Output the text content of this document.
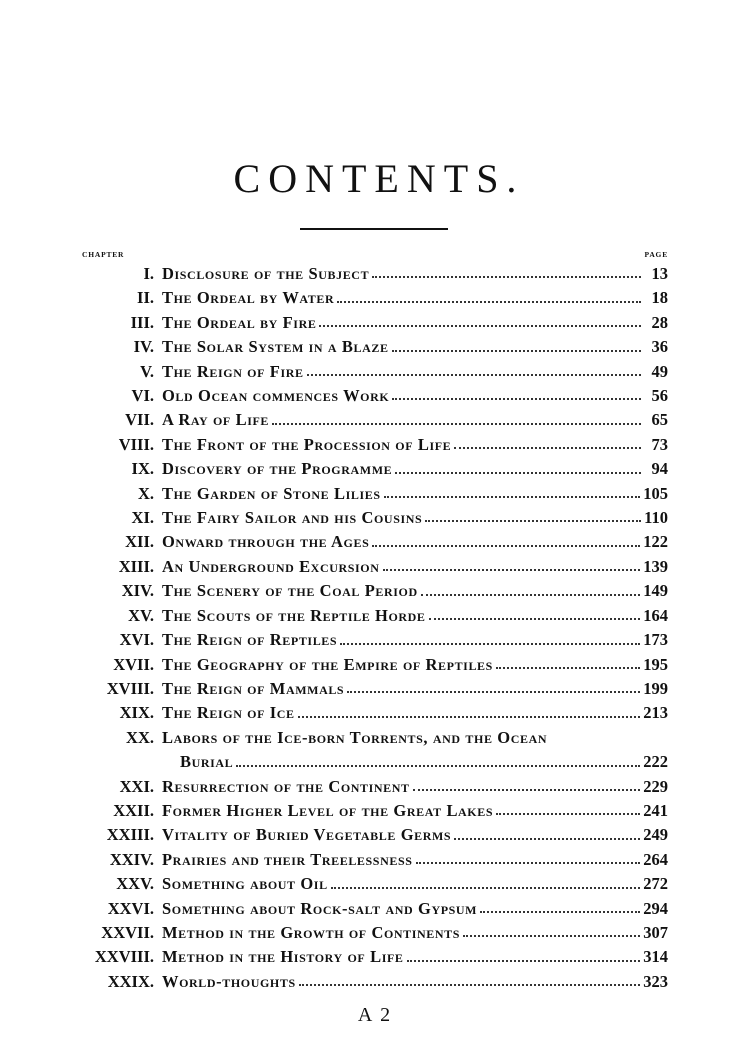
CONTENTS.
CHAPTER	PAGE
I. Disclosure of the Subject	13
II. The Ordeal by Water	18
III. The Ordeal by Fire	28
IV. The Solar System in a Blaze	36
V. The Reign of Fire	49
VI. Old Ocean commences Work	56
VII. A Ray of Life	65
VIII. The Front of the Procession of Life	73
IX. Discovery of the Programme	94
X. The Garden of Stone Lilies	105
XI. The Fairy Sailor and his Cousins	110
XII. Onward through the Ages	122
XIII. An Underground Excursion	139
XIV. The Scenery of the Coal Period	149
XV. The Scouts of the Reptile Horde	164
XVI. The Reign of Reptiles	173
XVII. The Geography of the Empire of Reptiles	195
XVIII. The Reign of Mammals	199
XIX. The Reign of Ice	213
XX. Labors of the Ice-born Torrents, and the Ocean
Burial	222
XXI. Resurrection of the Continent	229
XXII. Former Higher Level of the Great Lakes	241
XXIII. Vitality of Buried Vegetable Germs	249
XXIV. Prairies and their Treelessness	264
XXV. Something about Oil	272
XXVI. Something about Rock-salt and Gypsum	294
XXVII. Method in the Growth of Continents	307
XXVIII. Method in the History of Life	314
XXIX. World-thoughts	323
A 2
